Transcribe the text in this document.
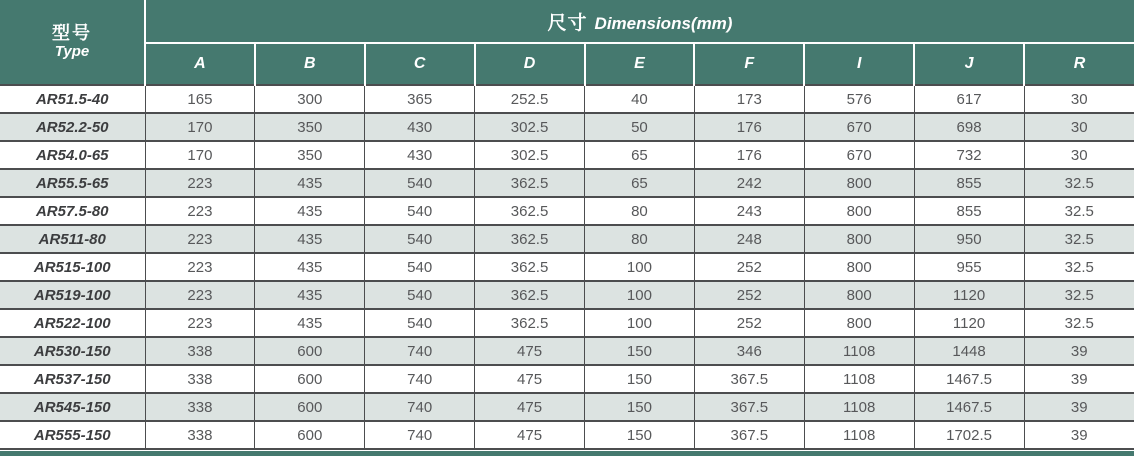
型号
Type	尺寸 Dimensions(mm)								
	A	B	C	D	E	F	I	J	R
AR51.5-40	165	300	365	252.5	40	173	576	617	30
AR52.2-50	170	350	430	302.5	50	176	670	698	30
AR54.0-65	170	350	430	302.5	65	176	670	732	30
AR55.5-65	223	435	540	362.5	65	242	800	855	32.5
AR57.5-80	223	435	540	362.5	80	243	800	855	32.5
AR511-80	223	435	540	362.5	80	248	800	950	32.5
AR515-100	223	435	540	362.5	100	252	800	955	32.5
AR519-100	223	435	540	362.5	100	252	800	1120	32.5
AR522-100	223	435	540	362.5	100	252	800	1120	32.5
AR530-150	338	600	740	475	150	346	1108	1448	39
AR537-150	338	600	740	475	150	367.5	1108	1467.5	39
AR545-150	338	600	740	475	150	367.5	1108	1467.5	39
AR555-150	338	600	740	475	150	367.5	1108	1702.5	39
